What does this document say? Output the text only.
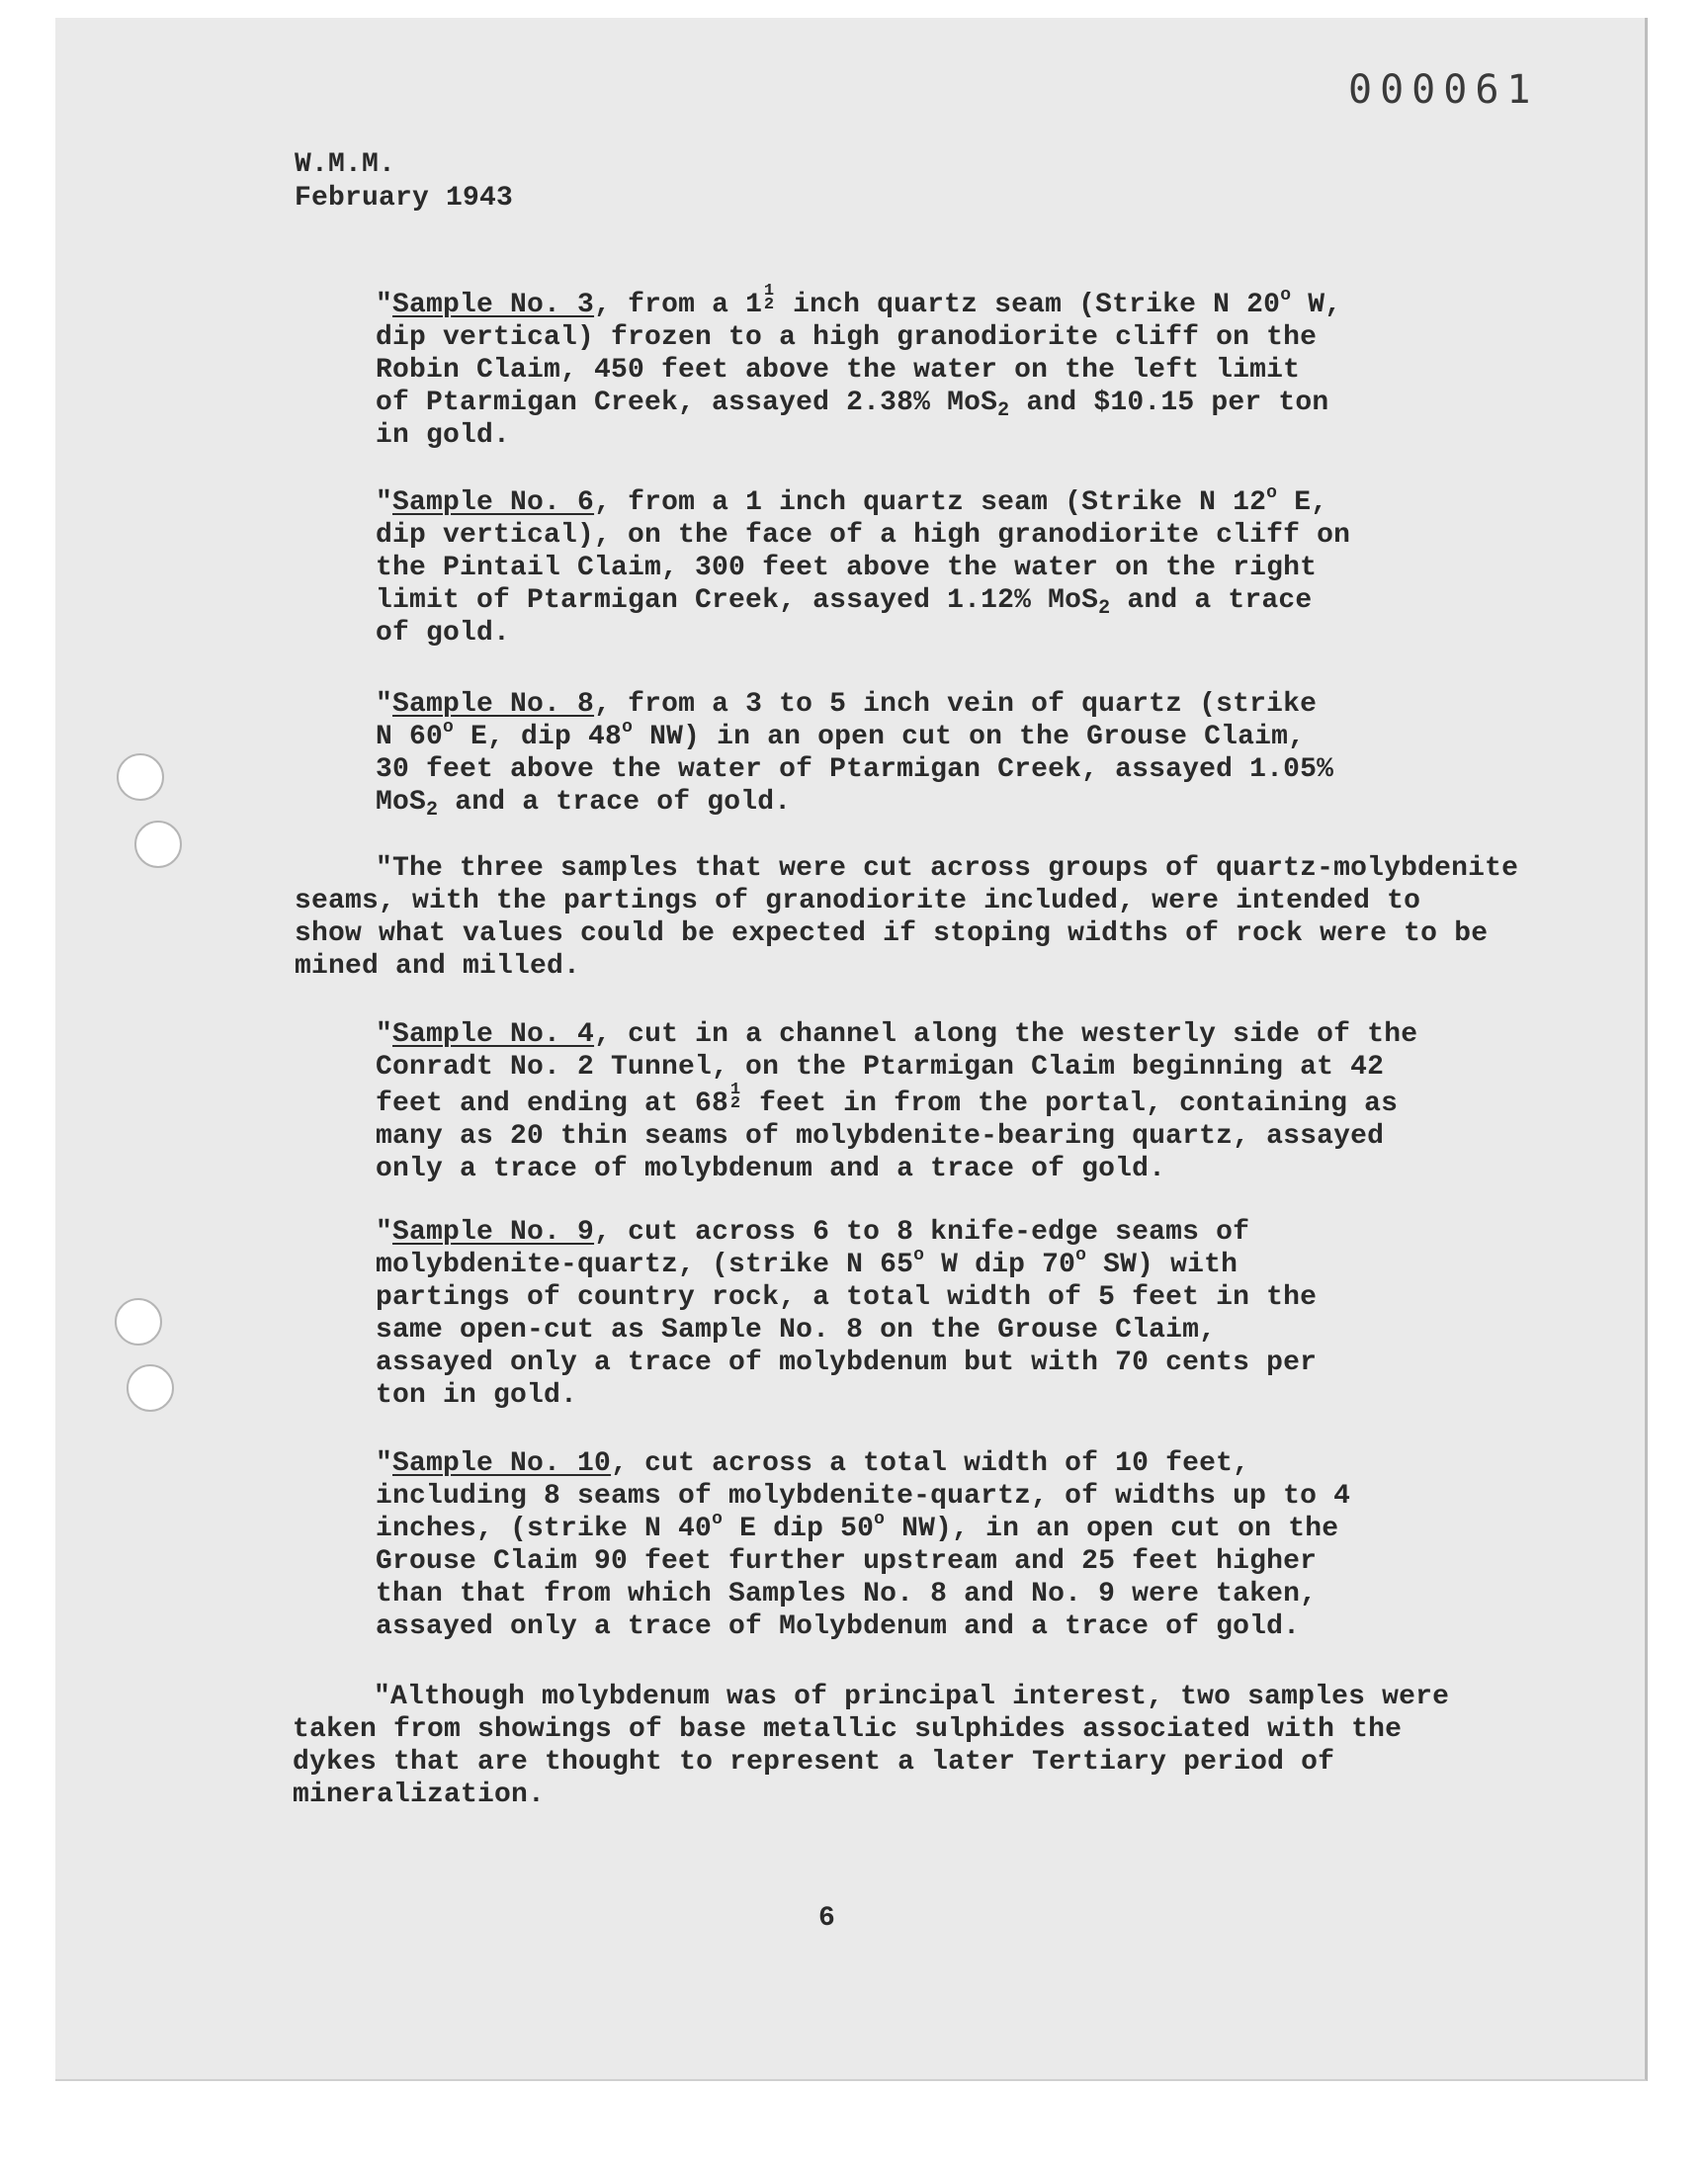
000061
W.M.M.
February 1943
"Sample No. 3, from a 1 1
2 inch quartz seam (Strike N 20$^o$ W,
dip vertical) frozen to a high granodiorite cliff on the
Robin Claim, 450 feet above the water on the left limit
of Ptarmigan Creek, assayed 2.38% MoS$_2$ and $10.15 per ton
in gold.
"Sample No. 6, from a 1 inch quartz seam (Strike N 12$^o$ E,
dip vertical), on the face of a high granodiorite cliff on
the Pintail Claim, 300 feet above the water on the right
limit of Ptarmigan Creek, assayed 1.12% MoS$_2$ and a trace
of gold.
"Sample No. 8, from a 3 to 5 inch vein of quartz (strike
N 60$^o$ E, dip 48$^o$ NW) in an open cut on the Grouse Claim,
30 feet above the water of Ptarmigan Creek, assayed 1.05%
MoS$_2$ and a trace of gold.
"The three samples that were cut across groups of quartz-molybdenite
seams, with the partings of granodiorite included, were intended to
show what values could be expected if stoping widths of rock were to be
mined and milled.
"Sample No. 4, cut in a channel along the westerly side of the
Conradt No. 2 Tunnel, on the Ptarmigan Claim beginning at 42
feet and ending at 68 1
2 feet in from the portal, containing as
many as 20 thin seams of molybdenite-bearing quartz, assayed
only a trace of molybdenum and a trace of gold.
"Sample No. 9, cut across 6 to 8 knife-edge seams of
molybdenite-quartz, (strike N 65$^o$ W dip 70$^o$ SW) with
partings of country rock, a total width of 5 feet in the
same open-cut as Sample No. 8 on the Grouse Claim,
assayed only a trace of molybdenum but with 70 cents per
ton in gold.
"Sample No. 10, cut across a total width of 10 feet,
including 8 seams of molybdenite-quartz, of widths up to 4
inches, (strike N 40$^o$ E dip 50$^o$ NW), in an open cut on the
Grouse Claim 90 feet further upstream and 25 feet higher
than that from which Samples No. 8 and No. 9 were taken,
assayed only a trace of Molybdenum and a trace of gold.
"Although molybdenum was of principal interest, two samples were
taken from showings of base metallic sulphides associated with the
dykes that are thought to represent a later Tertiary period of
mineralization.
6
